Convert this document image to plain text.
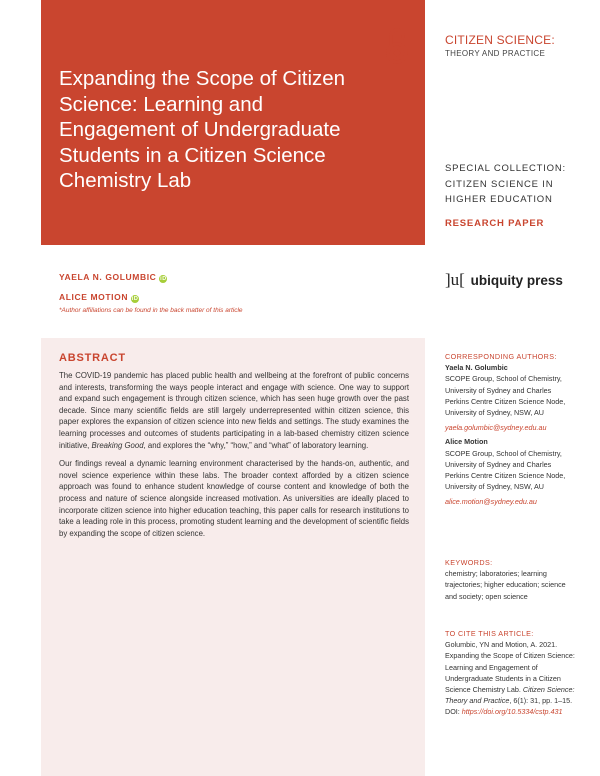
Expanding the Scope of Citizen Science: Learning and Engagement of Undergraduate Students in a Citizen Science Chemistry Lab
CITIZEN SCIENCE:
THEORY AND PRACTICE
SPECIAL COLLECTION:
CITIZEN SCIENCE IN
HIGHER EDUCATION
RESEARCH PAPER
]u[ ubiquity press
YAELA N. GOLUMBIC iD
ALICE MOTION iD
*Author affiliations can be found in the back matter of this article
ABSTRACT

The COVID-19 pandemic has placed public health and wellbeing at the forefront of public concerns and interests, transforming the ways people interact and engage with science. One way to support and expand such engagement is through citizen science, which has seen huge growth over the past decade. Since many scientific fields are still largely underrepresented within citizen science, this paper explores the expansion of citizen science into new fields and settings. The study examines the learning processes and outcomes of students participating in a lab-based chemistry citizen science initiative, Breaking Good, and explores the “why,” “how,” and “what” of laboratory learning.

Our findings reveal a dynamic learning environment characterised by the hands-on, authentic, and novel science experience within these labs. The broader context afforded by a citizen science approach was found to enhance student knowledge of course content and knowledge of both the process and nature of science alongside increased motivation. As universities are ideally placed to incorporate citizen science into higher education teaching, this paper calls for research institutions to take a leading role in this process, promoting student learning and the development of scientific fields by expanding the scope of citizen science.

CORRESPONDING AUTHORS:
Yaela N. Golumbic
SCOPE Group, School of Chemistry, University of Sydney and Charles Perkins Centre Citizen Science Node, University of Sydney, NSW, AU
yaela.golumbic@sydney.edu.au
Alice Motion
SCOPE Group, School of Chemistry, University of Sydney and Charles Perkins Centre Citizen Science Node, University of Sydney, NSW, AU
alice.motion@sydney.edu.au
KEYWORDS:
chemistry; laboratories; learning trajectories; higher education; science and society; open science
TO CITE THIS ARTICLE:
Golumbic, YN and Motion, A. 2021. Expanding the Scope of Citizen Science: Learning and Engagement of Undergraduate Students in a Citizen Science Chemistry Lab. Citizen Science: Theory and Practice, 6(1): 31, pp. 1–15. DOI: https://doi.org/10.5334/cstp.431
